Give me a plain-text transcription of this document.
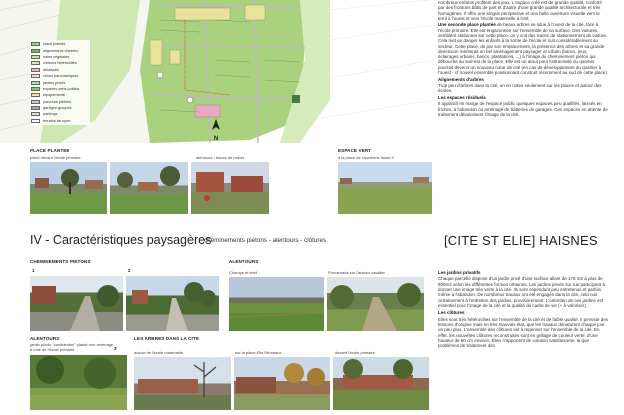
place plantée
alignements d'arbres
haies végétales
clôtures hétéroclites
délaissés
cônes panoramiques
jardins privés
espaces verts publics
équipements
parcours piétons
garages groupés
parkings
terrains de sport
N

nombreux enfants profitent des jeux. L'espace créé est de grande qualité, conforté par des frontons bâtis de part et d'autre d'une grande qualité architecturale et très homogènes. Il offre une longue perspective et une belle ouverture visuelle vers le terril à l'ouest et vers l'école maternelle à l'est.

Une seconde place plantée de beaux arbres se situe à l'ouest de la cité, face à l'école primaire. Elle est engazonnée sur l'ensemble de sa surface. Des voitures semblent stationner sur cette place, on y voit des traces de stationnement de voiture. Cela met en danger les enfants à la sortie de l'école et nuit considérablement au secteur. Cette place, de par son emplacement, la présence des arbres et sa grande dimension mériterait un bel aménagement paysager et urbain (bancs, jeux, éclairages urbains, bancs, plantations, ...) à l'image du cheminement piéton qui débouche au sud-est de la place. Elle est un atout pour l'attractivité du quartier pourrait devenir un nouveau cœur de cité (en cas de développement du quartier à l'ouest - cf nouvel ensemble positionnant construit récemment au sud de cette place).

Alignements d'arbres

Trop peu d'arbres dans la cité, on en notes seulement sur les places et autour des écoles.

Les espaces résiduels

Il apparaît en marge de l'espace public quelques espaces peu qualifiés, laissés en friches, à l'abandon ou aménagé de batteries de garages. Ces espaces en attente de traitement dévalorisent l'image de la cité.

PLACE PLANTEE
place devant l'école primaire	alentours : traces de pneus
ESPACE VERT
à la place de l'ancienne fosse 5
IV - Caractéristiques paysagères
cheminements pietons - alentours - clôtures	[CITE ST ELIE] HAISNES
CHEMINEMENTS PIETONS	ALENTOURS
1	2	Champs et terril	Promenade sur l'ancien cavalier
ALENTOURS
jardin public "confidentiel" planté non aménagé à côté de l'école primaire	3
LES ARBRES DANS LA CITE
autour de l'école maternelle	sur la place Elie Reumaux	devant l'école primaire

Les jardins privatifs

Chaque parcelle dispose d'un jardin privé d'une surface allant de 175 m2 à plus de 800m2 selon les différentes formes urbaines. Les jardins privés sur rue participent à donner une image très verte à la cité. Ils sont cependant peu entretenus et parfois même à l'abandon. De nombreux travaux ont été engagés dans la cité, cela nuit certainement à l'entretien des jardins, provisoirement. L'entretien de ces jardins est essentiel pour l'image de la cité et la qualité du cadre de vie (+ à valoriser).

Les clôtures

Elles sont très hétéroclites sur l'ensemble de la cité et de faible qualité. Il persiste des tessons d'origine mais en très mauvais état, que les travaux dénaturent chaque jour un peu plus. L'ensemble des clôtures est à repenser sur l'ensemble de la cité. En effet, les nouvelles clôtures reconstruites sont en grillage de couleur verte, d'une hauteur de 60 cm environ. Elles n'apportent de solution satisfaisante, la que problèmes de traitement des
